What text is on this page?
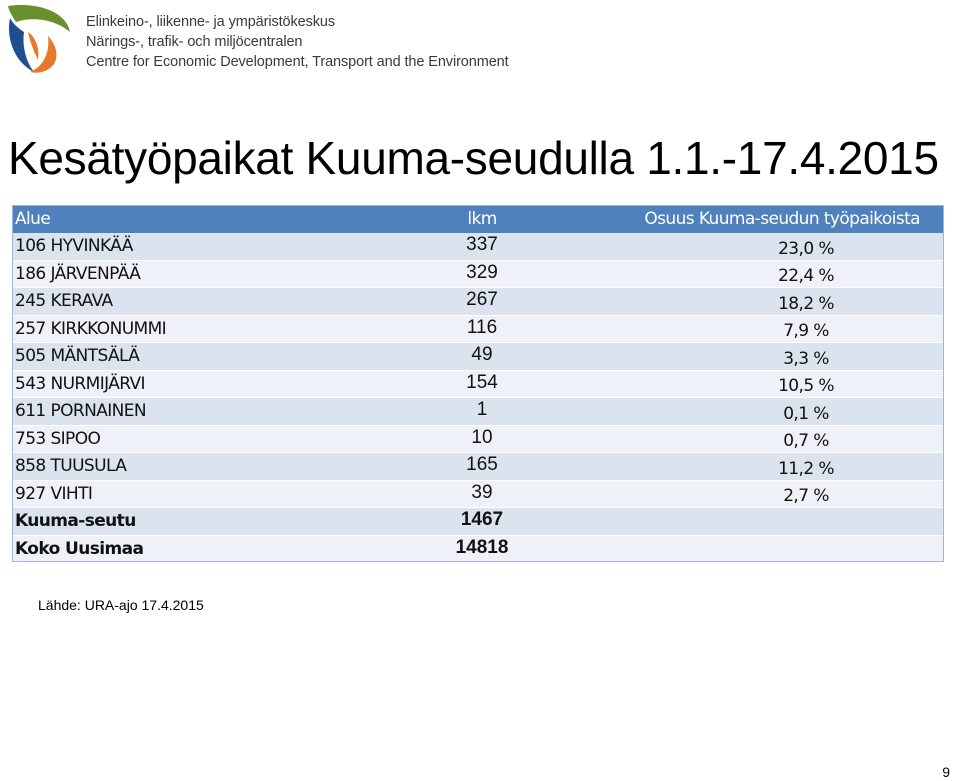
Elinkeino-, liikenne- ja ympäristökeskus
Närings-, trafik- och miljöcentralen
Centre for Economic Development, Transport and the Environment
Kesätyöpaikat Kuuma-seudulla 1.1.-17.4.2015
Alue	lkm	Osuus Kuuma-seudun työpaikoista
106 HYVINKÄÄ	337	23,0 %
186 JÄRVENPÄÄ	329	22,4 %
245 KERAVA	267	18,2 %
257 KIRKKONUMMI	116	7,9 %
505 MÄNTSÄLÄ	49	3,3 %
543 NURMIJÄRVI	154	10,5 %
611 PORNAINEN	1	0,1 %
753 SIPOO	10	0,7 %
858 TUUSULA	165	11,2 %
927 VIHTI	39	2,7 %
Kuuma-seutu	1467	
Koko Uusimaa	14818	
Lähde: URA-ajo 17.4.2015
9
